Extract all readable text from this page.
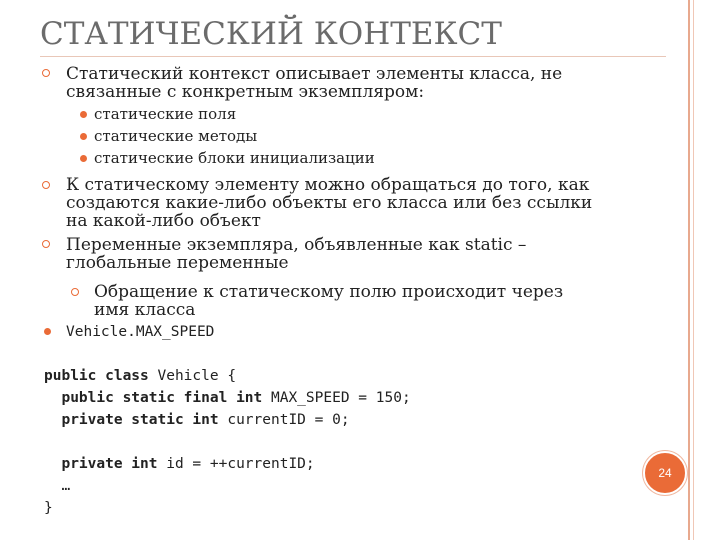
СТАТИЧЕСКИЙ КОНТЕКСТ

Статический контекст описывает элементы класса, не
связанные с конкретным экземпляром:

статические поля
статические методы
статические блоки инициализации

К статическому элементу можно обращаться до того, как
создаются какие-либо объекты его класса или без ссылки
на какой-либо объект

Переменные экземпляра, объявленные как static –
глобальные переменные

Обращение к статическому полю происходит через
имя класса

Vehicle.MAX_SPEED
public class Vehicle {
public static final int MAX_SPEED = 150;
private static int currentID = 0;

private int id = ++currentID;
…
}
24
